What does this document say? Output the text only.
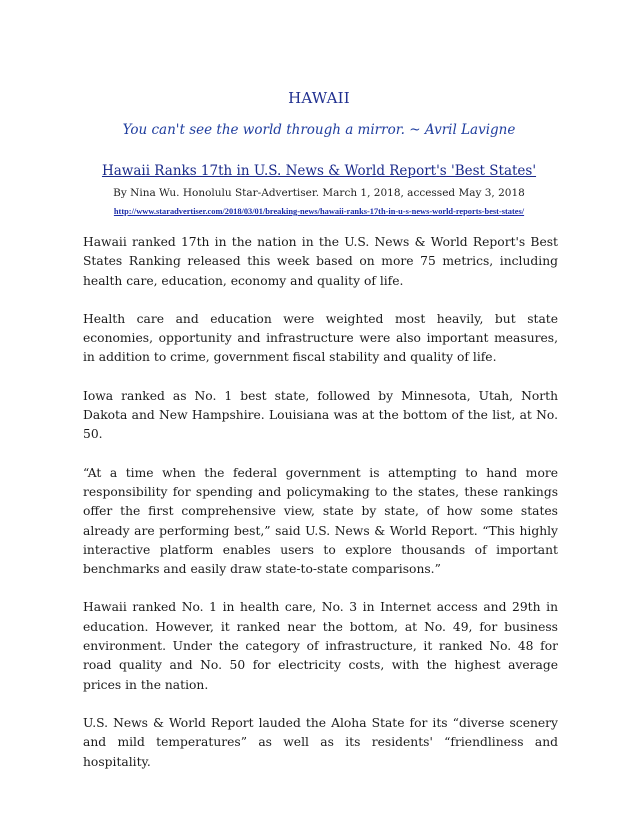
HAWAII
You can't see the world through a mirror. ~ Avril Lavigne
Hawaii Ranks 17th in U.S. News & World Report's 'Best States'
By Nina Wu. Honolulu Star-Advertiser. March 1, 2018, accessed May 3, 2018
http://www.staradvertiser.com/2018/03/01/breaking-news/hawaii-ranks-17th-in-u-s-news-world-reports-best-states/

Hawaii ranked 17th in the nation in the U.S. News & World Report's Best States Ranking released this week based on more 75 metrics, including health care, education, economy and quality of life.

Health care and education were weighted most heavily, but state economies, opportunity and infrastructure were also important measures, in addition to crime, government fiscal stability and quality of life.

Iowa ranked as No. 1 best state, followed by Minnesota, Utah, North Dakota and New Hampshire. Louisiana was at the bottom of the list, at No. 50.

“At a time when the federal government is attempting to hand more responsibility for spending and policymaking to the states, these rankings offer the first comprehensive view, state by state, of how some states already are performing best,” said U.S. News & World Report. “This highly interactive platform enables users to explore thousands of important benchmarks and easily draw state-to-state comparisons.”

Hawaii ranked No. 1 in health care, No. 3 in Internet access and 29th in education. However, it ranked near the bottom, at No. 49, for business environment. Under the category of infrastructure, it ranked No. 48 for road quality and No. 50 for electricity costs, with the highest average prices in the nation.

U.S. News & World Report lauded the Aloha State for its “diverse scenery and mild temperatures” as well as its residents' “friendliness and hospitality.
